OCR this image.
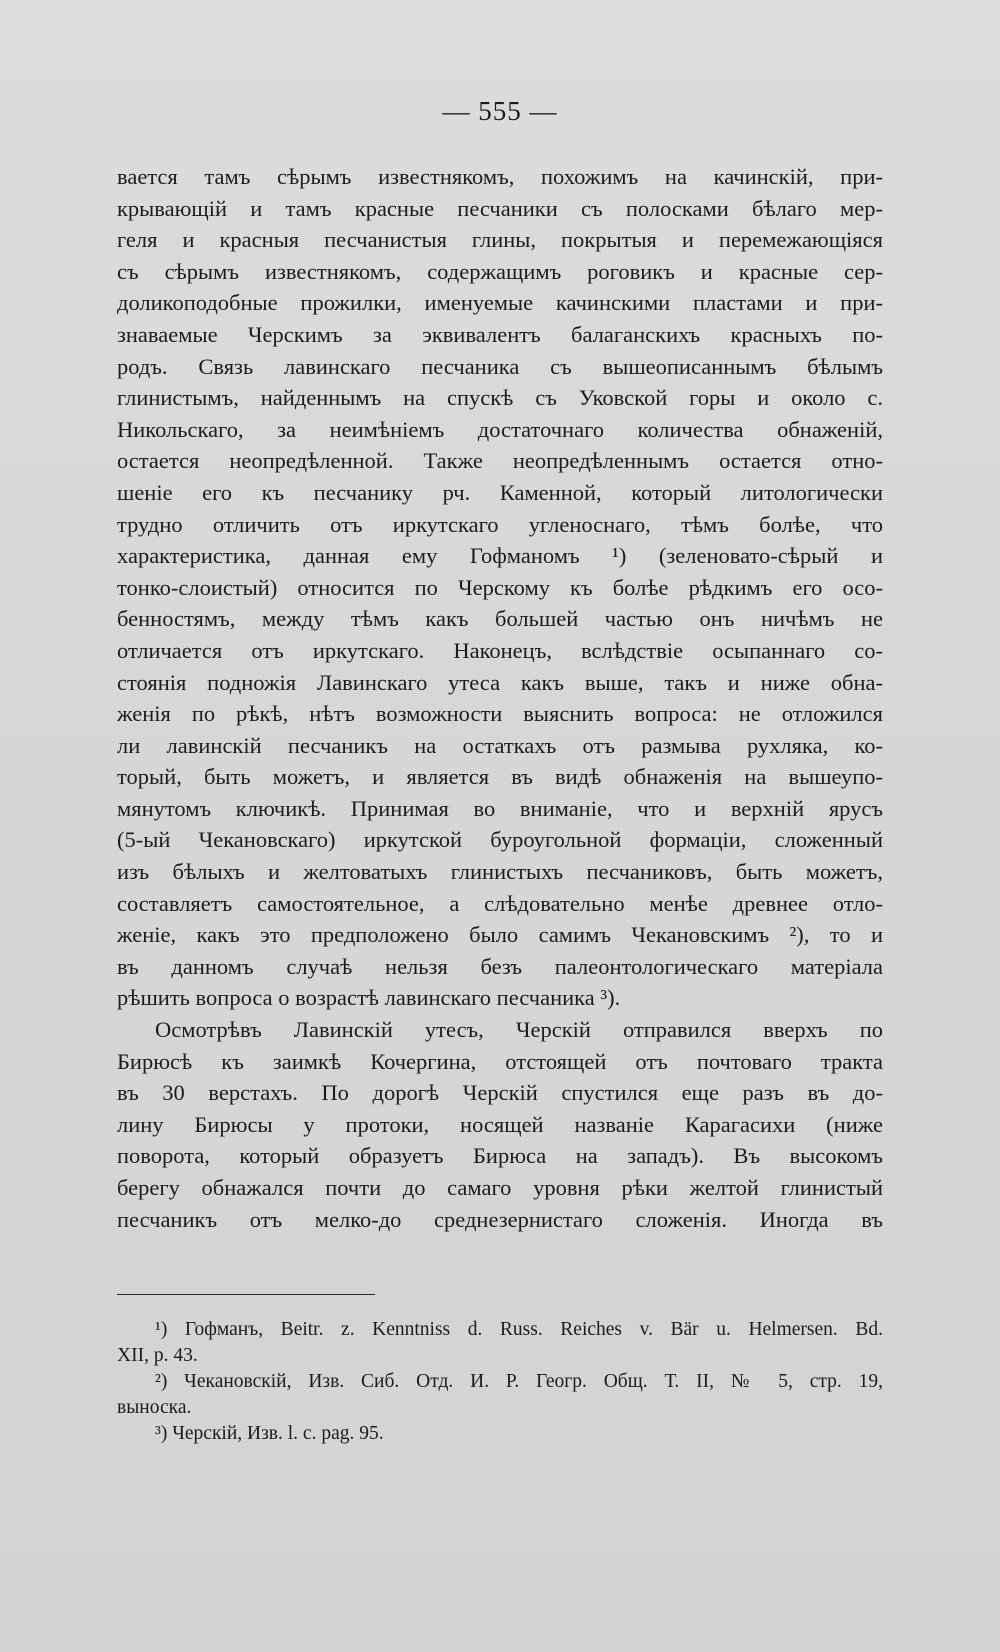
— 555 —
вается тамъ сѣрымъ известнякомъ, похожимъ на качинскій, при-
крывающій и тамъ красные песчаники съ полосками бѣлаго мер-
геля и красныя песчанистыя глины, покрытыя и перемежающіяся
съ сѣрымъ известнякомъ, содержащимъ роговикъ и красные сер-
доликоподобные прожилки, именуемые качинскими пластами и при-
знаваемые Черскимъ за эквивалентъ балаганскихъ красныхъ по-
родъ. Связь лавинскаго песчаника съ вышеописаннымъ бѣлымъ
глинистымъ, найденнымъ на спускѣ съ Уковской горы и около с.
Никольскаго, за неимѣніемъ достаточнаго количества обнаженій,
остается неопредѣленной. Также неопредѣленнымъ остается отно-
шеніе его къ песчанику рч. Каменной, который литологически
трудно отличить отъ иркутскаго угленоснаго, тѣмъ болѣе, что
характеристика, данная ему Гофманомъ ¹) (зеленовато-сѣрый и
тонко-слоистый) относится по Черскому къ болѣе рѣдкимъ его осо-
бенностямъ, между тѣмъ какъ большей частью онъ ничѣмъ не
отличается отъ иркутскаго. Наконецъ, вслѣдствіе осыпаннаго со-
стоянія подножія Лавинскаго утеса какъ выше, такъ и ниже обна-
женія по рѣкѣ, нѣтъ возможности выяснить вопроса: не отложился
ли лавинскій песчаникъ на остаткахъ отъ размыва рухляка, ко-
торый, быть можетъ, и является въ видѣ обнаженія на вышеупо-
мянутомъ ключикѣ. Принимая во вниманіе, что и верхній ярусъ
(5-ый Чекановскаго) иркутской буроугольной формаціи, сложенный
изъ бѣлыхъ и желтоватыхъ глинистыхъ песчаниковъ, быть можетъ,
составляетъ самостоятельное, а слѣдовательно менѣе древнее отло-
женіе, какъ это предположено было самимъ Чекановскимъ ²), то и
въ данномъ случаѣ нельзя безъ палеонтологическаго матеріала
рѣшить вопроса о возрастѣ лавинскаго песчаника ³).
Осмотрѣвъ Лавинскій утесъ, Черскій отправился вверхъ по
Бирюсѣ къ заимкѣ Кочергина, отстоящей отъ почтоваго тракта
въ 30 верстахъ. По дорогѣ Черскій спустился еще разъ въ до-
лину Бирюсы у протоки, носящей названіе Карагасихи (ниже
поворота, который образуетъ Бирюса на западъ). Въ высокомъ
берегу обнажался почти до самаго уровня рѣки желтой глинистый
песчаникъ отъ мелко-до среднезернистаго сложенія. Иногда въ
¹) Гофманъ, Beitr. z. Kenntniss d. Russ. Reiches v. Bär u. Helmersen. Bd.
XII, p. 43.
²) Чекановскій, Изв. Сиб. Отд. И. Р. Геогр. Общ. Т. II, № 5, стр. 19,
выноска.
³) Черскій, Изв. l. c. pag. 95.
